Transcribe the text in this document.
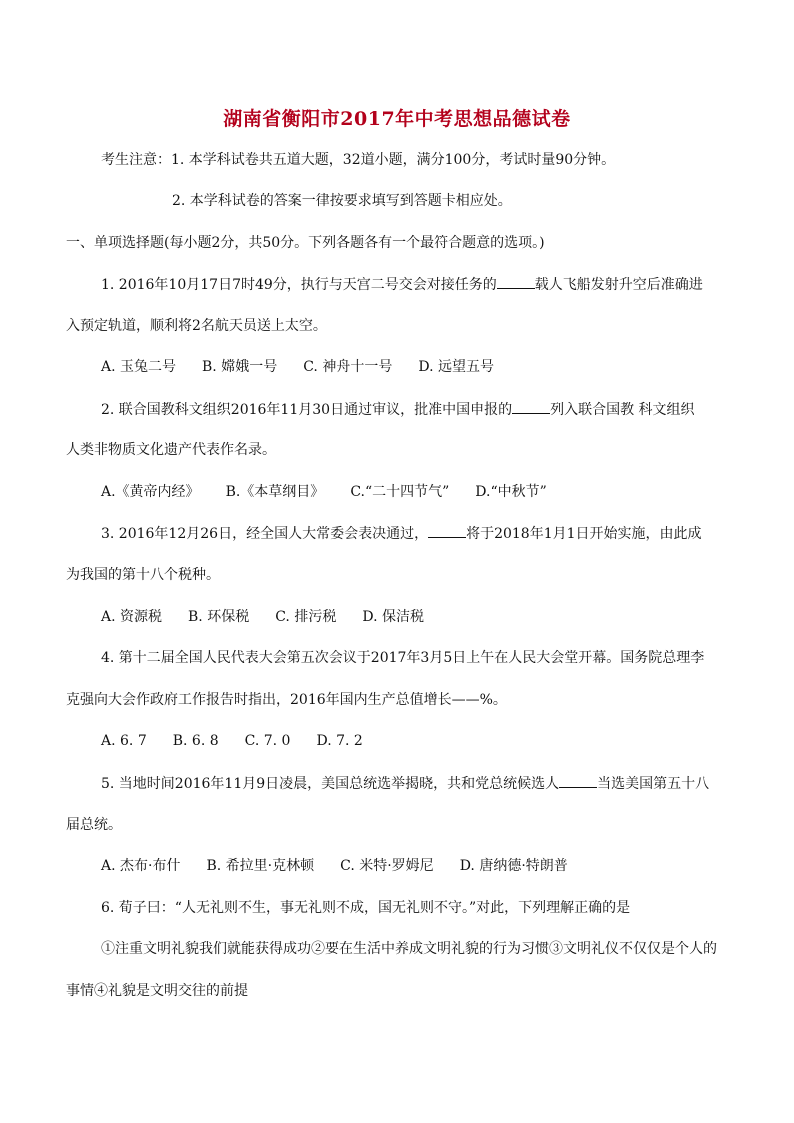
湖南省衡阳市2017年中考思想品德试卷
考生注意：1. 本学科试卷共五道大题，32道小题，满分100分，考试时量90分钟。
2. 本学科试卷的答案一律按要求填写到答题卡相应处。
一、单项选择题(每小题2分，共50分。下列各题各有一个最符合题意的选项。)
1. 2016年10月17日7时49分，执行与天宫二号交会对接任务的	载人飞船发射升空后准确进
入预定轨道，顺利将2名航天员送上太空。
A. 玉兔二号 B. 嫦娥一号 C. 神舟十一号 D. 远望五号
2. 联合国教科文组织2016年11月30日通过审议，批准中国申报的	列入联合国教 科文组织
人类非物质文化遗产代表作名录。
A.《黄帝内经》 B.《本草纲目》 C.“二十四节气” D.“中秋节”
3. 2016年12月26日，经全国人大常委会表决通过，	将于2018年1月1日开始实施，由此成
为我国的第十八个税种。
A. 资源税 B. 环保税 C. 排污税 D. 保洁税
4. 第十二届全国人民代表大会第五次会议于2017年3月5日上午在人民大会堂开幕。国务院总理李
克强向大会作政府工作报告时指出，2016年国内生产总值增长——%。
A. 6. 7 B. 6. 8 C. 7. 0 D. 7. 2
5. 当地时间2016年11月9日凌晨，美国总统选举揭晓，共和党总统候选人	当选美国第五十八
届总统。
A. 杰布·布什 B. 希拉里·克林顿 C. 米特·罗姆尼 D. 唐纳德·特朗普
6. 荀子曰：“人无礼则不生，事无礼则不成，国无礼则不守。”对此，下列理解正确的是
①注重文明礼貌我们就能获得成功②要在生活中养成文明礼貌的行为习惯③文明礼仪不仅仅是个人的
事情④礼貌是文明交往的前提
